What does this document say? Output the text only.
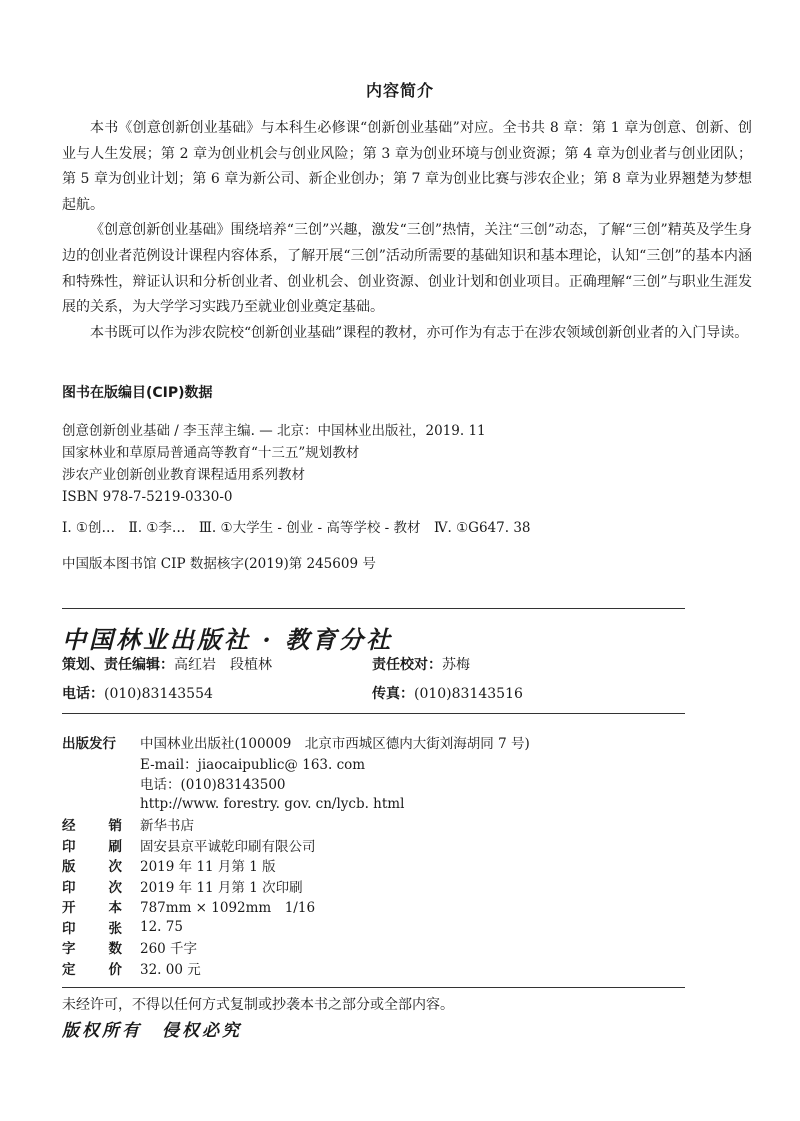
内容简介

本书《创意创新创业基础》与本科生必修课“创新创业基础”对应。全书共 8 章：第 1 章为创意、创新、创业与人生发展；第 2 章为创业机会与创业风险；第 3 章为创业环境与创业资源；第 4 章为创业者与创业团队；第 5 章为创业计划；第 6 章为新公司、新企业创办；第 7 章为创业比赛与涉农企业；第 8 章为业界翘楚为梦想起航。

《创意创新创业基础》围绕培养“三创”兴趣，激发“三创”热情，关注“三创”动态，了解“三创”精英及学生身边的创业者范例设计课程内容体系，了解开展“三创”活动所需要的基础知识和基本理论，认知“三创”的基本内涵和特殊性，辩证认识和分析创业者、创业机会、创业资源、创业计划和创业项目。正确理解“三创”与职业生涯发展的关系，为大学学习实践乃至就业创业奠定基础。

本书既可以作为涉农院校“创新创业基础”课程的教材，亦可作为有志于在涉农领域创新创业者的入门导读。

图书在版编目(CIP)数据
创意创新创业基础 / 李玉萍主编. — 北京：中国林业出版社，2019. 11
国家林业和草原局普通高等教育“十三五”规划教材
涉农产业创新创业教育课程适用系列教材
ISBN 978-7-5219-0330-0
Ⅰ. ①创…　Ⅱ. ①李…　Ⅲ. ①大学生 - 创业 - 高等学校 - 教材　Ⅳ. ①G647. 38
中国版本图书馆 CIP 数据核字(2019)第 245609 号
中国林业出版社 · 教育分社
策划、责任编辑：高红岩　段植林	责任校对：苏梅
电话：(010)83143554	传真：(010)83143516
出版发行	中国林业出版社(100009　北京市西城区德内大街刘海胡同 7 号)
E-mail：jiaocaipublic@ 163. com
电话：(010)83143500
http://www. forestry. gov. cn/lycb. html
经 销 新华书店
印 刷 固安县京平诚乾印刷有限公司
版 次 2019 年 11 月第 1 版
印 次 2019 年 11 月第 1 次印刷
开 本 787mm × 1092mm　1/16
印 张 12. 75
字 数 260 千字
定 价 32. 00 元
未经许可，不得以任何方式复制或抄袭本书之部分或全部内容。
版权所有　侵权必究
